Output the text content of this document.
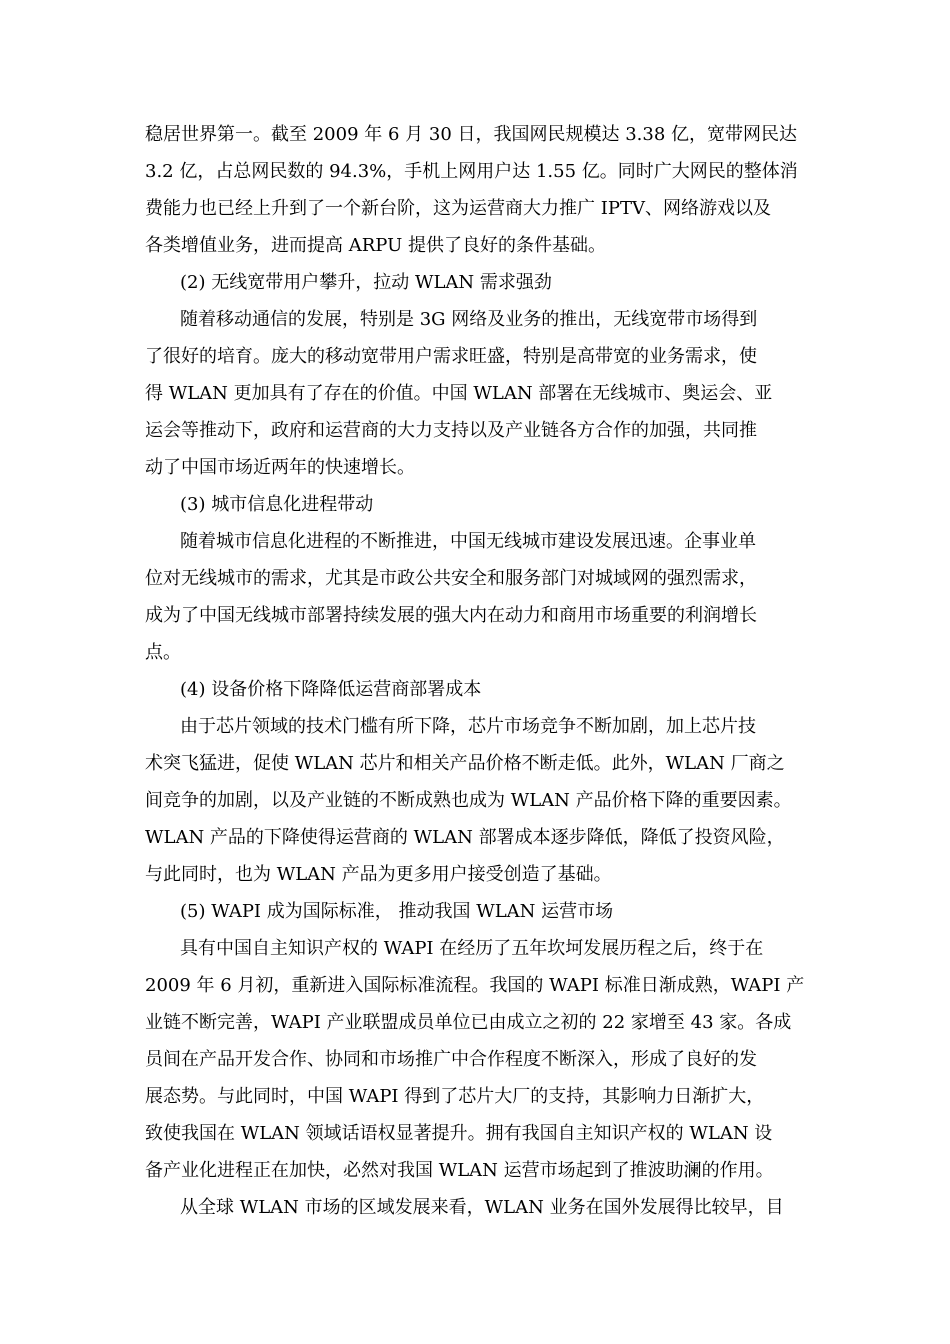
稳居世界第一。截至 2009 年 6 月 30 日，我国网民规模达 3.38 亿，宽带网民达
3.2 亿，占总网民数的 94.3%，手机上网用户达 1.55 亿。同时广大网民的整体消
费能力也已经上升到了一个新台阶，这为运营商大力推广 IPTV、网络游戏以及
各类增值业务，进而提高 ARPU 提供了良好的条件基础。
(2) 无线宽带用户攀升，拉动 WLAN 需求强劲
随着移动通信的发展，特别是 3G 网络及业务的推出，无线宽带市场得到
了很好的培育。庞大的移动宽带用户需求旺盛，特别是高带宽的业务需求，使
得 WLAN 更加具有了存在的价值。中国 WLAN 部署在无线城市、奥运会、亚
运会等推动下，政府和运营商的大力支持以及产业链各方合作的加强，共同推
动了中国市场近两年的快速增长。
(3) 城市信息化进程带动
随着城市信息化进程的不断推进，中国无线城市建设发展迅速。企事业单
位对无线城市的需求，尤其是市政公共安全和服务部门对城域网的强烈需求，
成为了中国无线城市部署持续发展的强大内在动力和商用市场重要的利润增长
点。
(4) 设备价格下降降低运营商部署成本
由于芯片领域的技术门槛有所下降，芯片市场竞争不断加剧，加上芯片技
术突飞猛进，促使 WLAN 芯片和相关产品价格不断走低。此外，WLAN 厂商之
间竞争的加剧，以及产业链的不断成熟也成为 WLAN 产品价格下降的重要因素。
WLAN 产品的下降使得运营商的 WLAN 部署成本逐步降低，降低了投资风险，
与此同时，也为 WLAN 产品为更多用户接受创造了基础。
(5) WAPI 成为国际标准， 推动我国 WLAN 运营市场
具有中国自主知识产权的 WAPI 在经历了五年坎坷发展历程之后，终于在
2009 年 6 月初，重新进入国际标准流程。我国的 WAPI 标准日渐成熟，WAPI 产
业链不断完善，WAPI 产业联盟成员单位已由成立之初的 22 家增至 43 家。各成
员间在产品开发合作、协同和市场推广中合作程度不断深入，形成了良好的发
展态势。与此同时，中国 WAPI 得到了芯片大厂的支持，其影响力日渐扩大，
致使我国在 WLAN 领域话语权显著提升。拥有我国自主知识产权的 WLAN 设
备产业化进程正在加快，必然对我国 WLAN 运营市场起到了推波助澜的作用。
从全球 WLAN 市场的区域发展来看，WLAN 业务在国外发展得比较早，目
